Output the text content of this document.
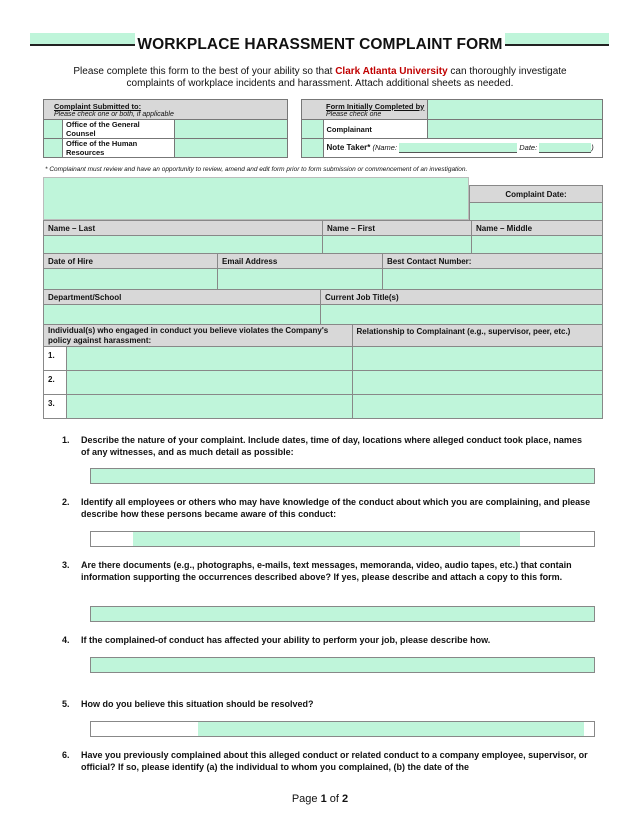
WORKPLACE HARASSMENT COMPLAINT FORM
Please complete this form to the best of your ability so that Clark Atlanta University can thoroughly investigate complaints of workplace incidents and harassment. Attach additional sheets as needed.
Complaint Submitted to:
Please check one or both, if applicable		

	Office of the General Counsel	
	Office of the Human Resources	

	Form Initially Completed by
Please check one	

	Complainant	
	Note Taker* (Name: Date: )	
* Complainant must review and have an opportunity to review, amend and edit form prior to form submission or commencement of an investigation.
Complaint Date:

Name – Last	Name – First	Name – Middle

Date of Hire	Email Address	Best Contact Number:

Department/School	Current Job Title(s)

Individual(s) who engaged in conduct you believe violates the Company's policy against harassment:		Relationship to Complainant (e.g., supervisor, peer, etc.)
1.		
2.		
3.		
1. Describe the nature of your complaint. Include dates, time of day, locations where alleged conduct took place, names of any witnesses, and as much detail as possible:
2. Identify all employees or others who may have knowledge of the conduct about which you are complaining, and please describe how these persons became aware of this conduct:
3. Are there documents (e.g., photographs, e-mails, text messages, memoranda, video, audio tapes, etc.) that contain information supporting the occurrences described above? If yes, please describe and attach a copy to this form.
4. If the complained-of conduct has affected your ability to perform your job, please describe how.
5. How do you believe this situation should be resolved?
6. Have you previously complained about this alleged conduct or related conduct to a company employee, supervisor, or official? If so, please identify (a) the individual to whom you complained, (b) the date of the
Page 1 of 2
